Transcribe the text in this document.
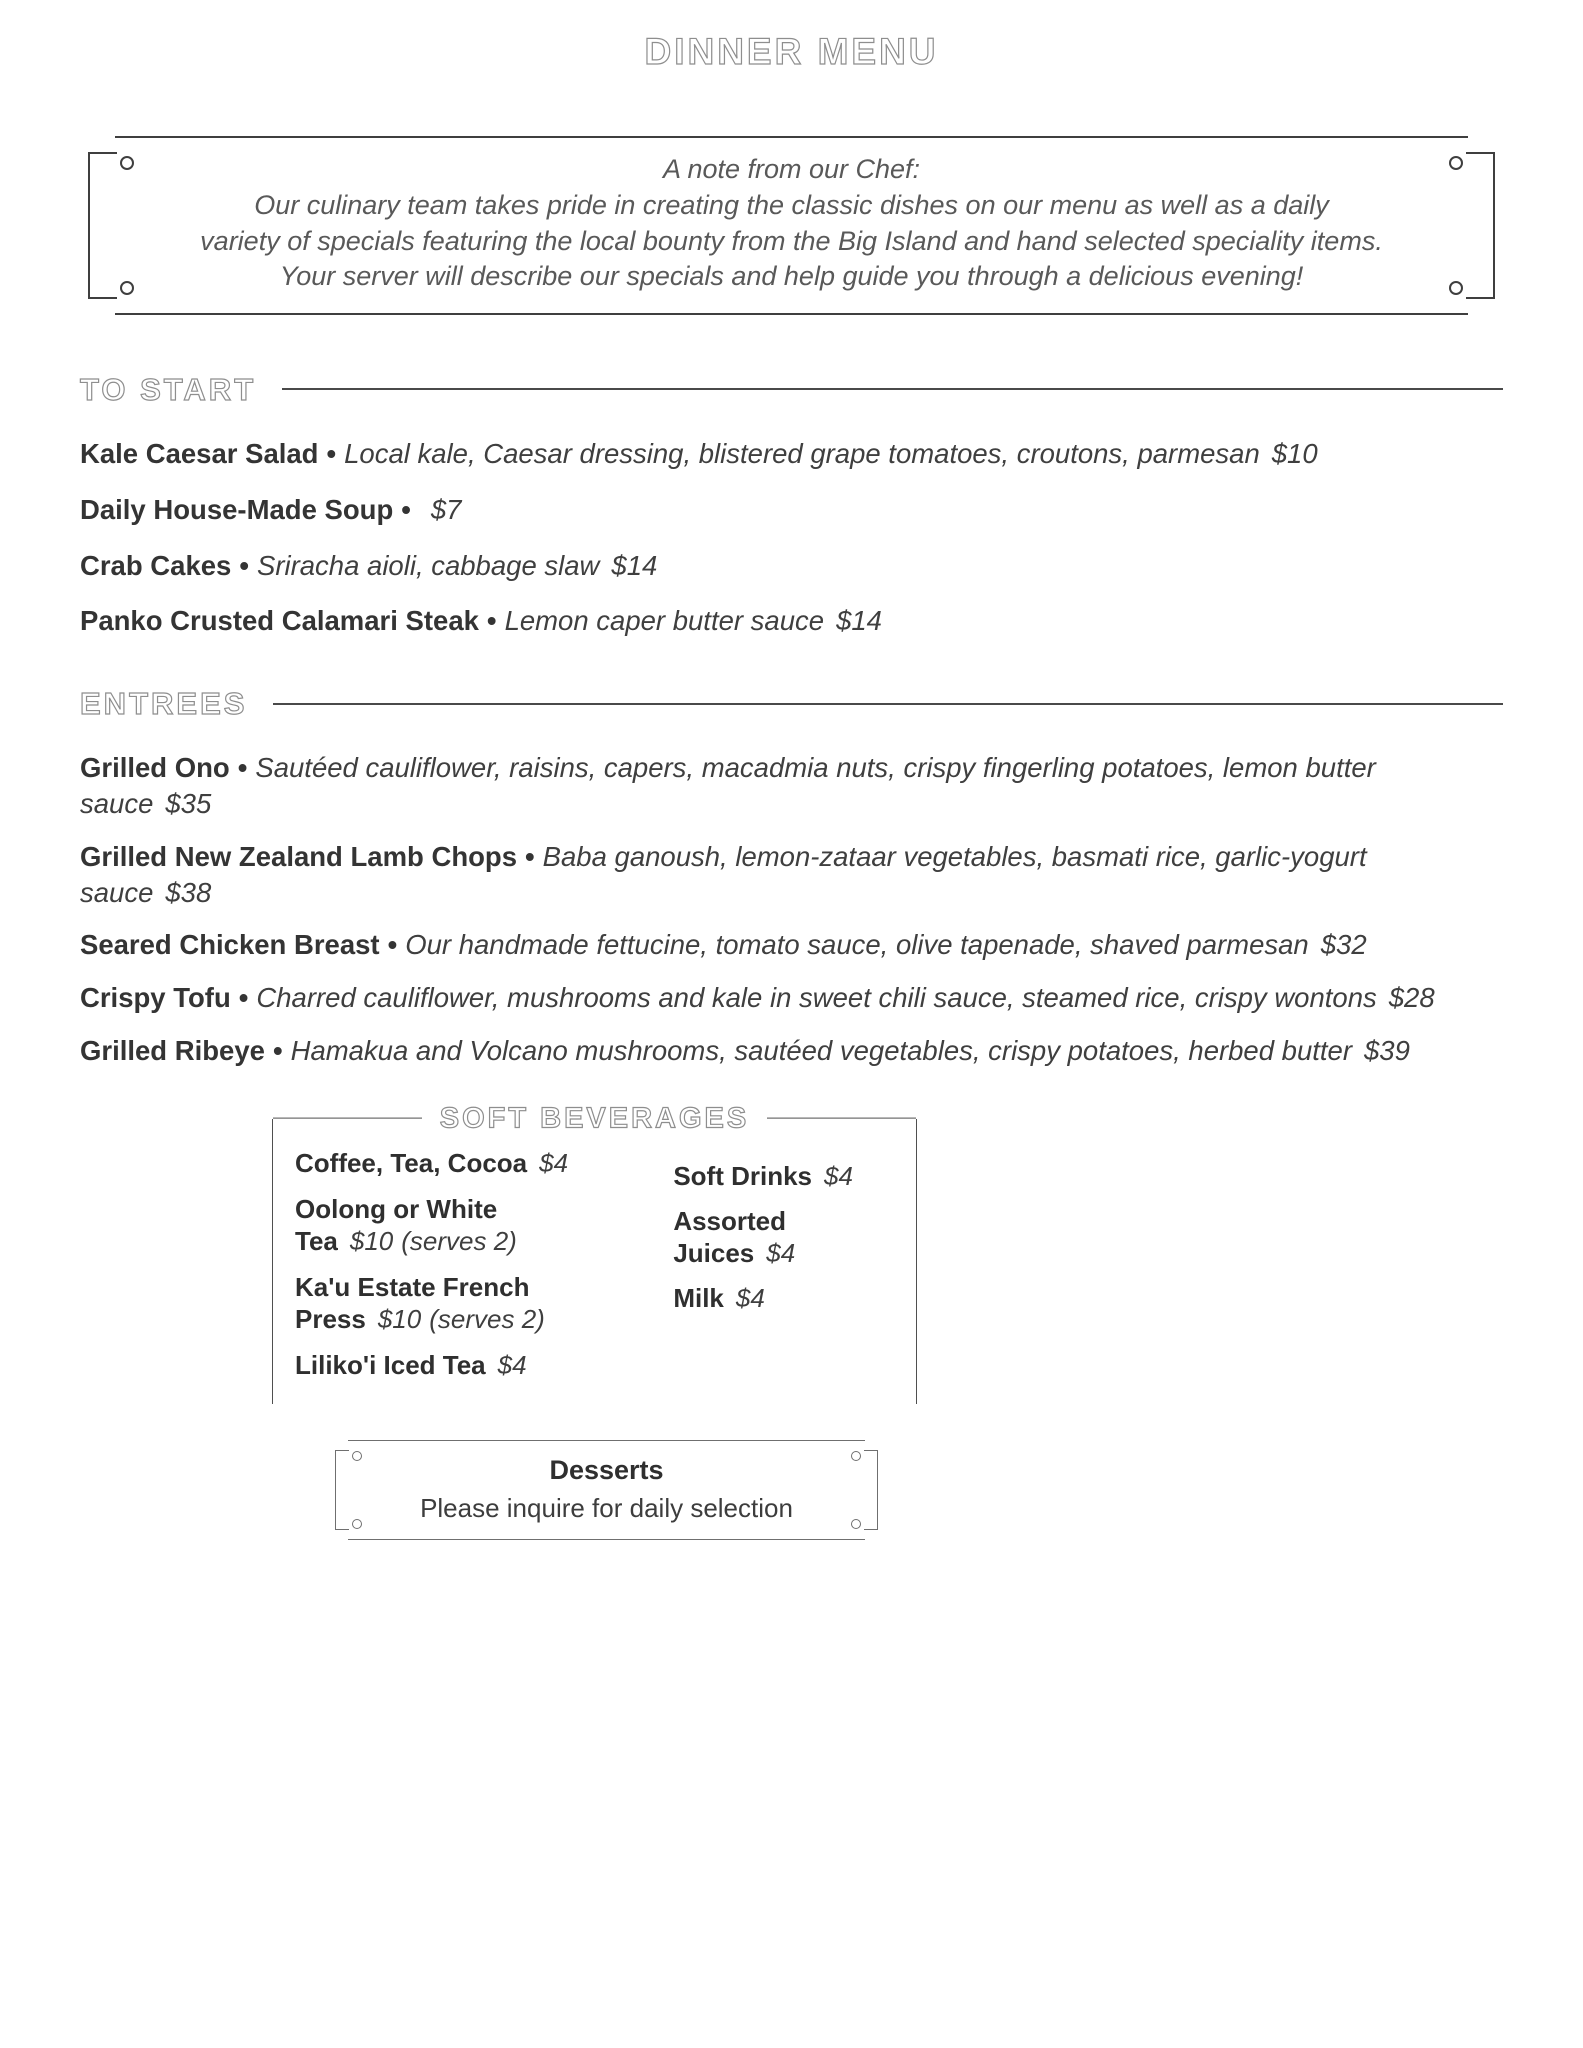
DINNER MENU

A note from our Chef:

Our culinary team takes pride in creating the classic dishes on our menu as well as a daily

variety of specials featuring the local bounty from the Big Island and hand selected speciality items.

Your server will describe our specials and help guide you through a delicious evening!

TO START

Kale Caesar Salad • Local kale, Caesar dressing, blistered grape tomatoes, croutons, parmesan $10

Daily House-Made Soup • $7

Crab Cakes • Sriracha aioli, cabbage slaw $14

Panko Crusted Calamari Steak • Lemon caper butter sauce $14

ENTREES

Grilled Ono • Sautéed cauliflower, raisins, capers, macadmia nuts, crispy fingerling potatoes, lemon butter sauce $35

Grilled New Zealand Lamb Chops • Baba ganoush, lemon-zataar vegetables, basmati rice, garlic-yogurt sauce $38

Seared Chicken Breast • Our handmade fettucine, tomato sauce, olive tapenade, shaved parmesan $32

Crispy Tofu • Charred cauliflower, mushrooms and kale in sweet chili sauce, steamed rice, crispy wontons $28

Grilled Ribeye • Hamakua and Volcano mushrooms, sautéed vegetables, crispy potatoes, herbed butter $39

SOFT BEVERAGES

Coffee, Tea, Cocoa $4

Oolong or White Tea $10 (serves 2)

Ka'u Estate French Press $10 (serves 2)

Liliko'i Iced Tea $4

Soft Drinks $4

Assorted Juices $4

Milk $4

Desserts

Please inquire for daily selection
